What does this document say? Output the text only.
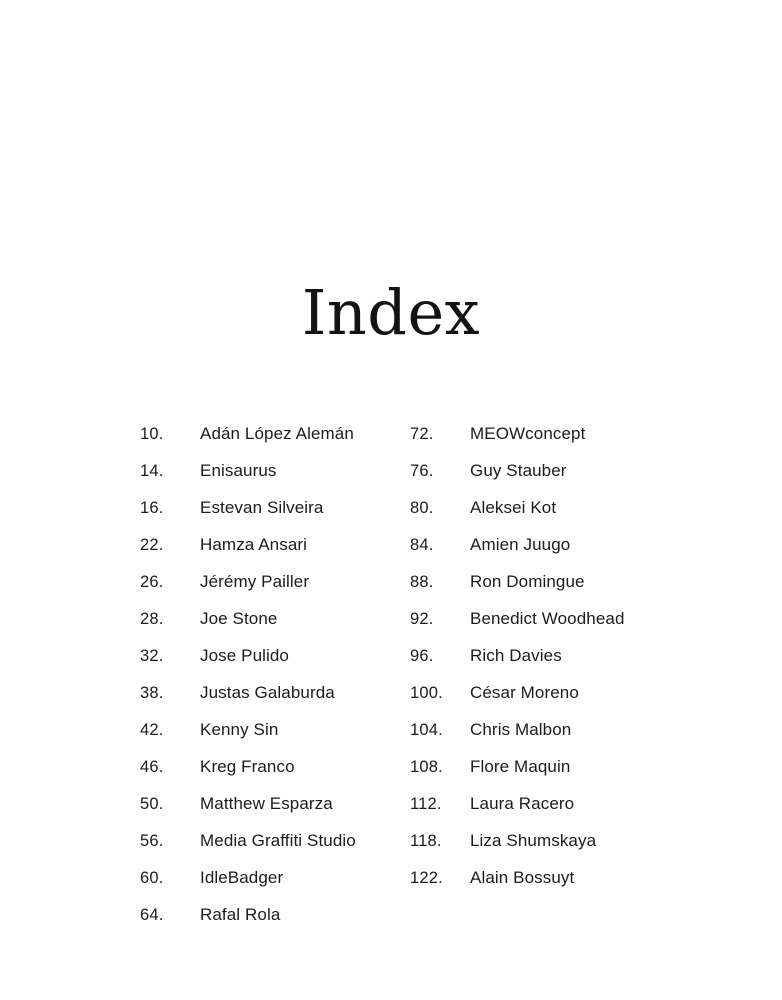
Index
10.	Adán López Alemán
14.	Enisaurus
16.	Estevan Silveira
22.	Hamza Ansari
26.	Jérémy Pailler
28.	Joe Stone
32.	Jose Pulido
38.	Justas Galaburda
42.	Kenny Sin
46.	Kreg Franco
50.	Matthew Esparza
56.	Media Graffiti Studio
60.	IdleBadger
64.	Rafal Rola
72.	MEOWconcept
76.	Guy Stauber
80.	Aleksei Kot
84.	Amien Juugo
88.	Ron Domingue
92.	Benedict Woodhead
96.	Rich Davies
100.	César Moreno
104.	Chris Malbon
108.	Flore Maquin
112.	Laura Racero
118.	Liza Shumskaya
122.	Alain Bossuyt
